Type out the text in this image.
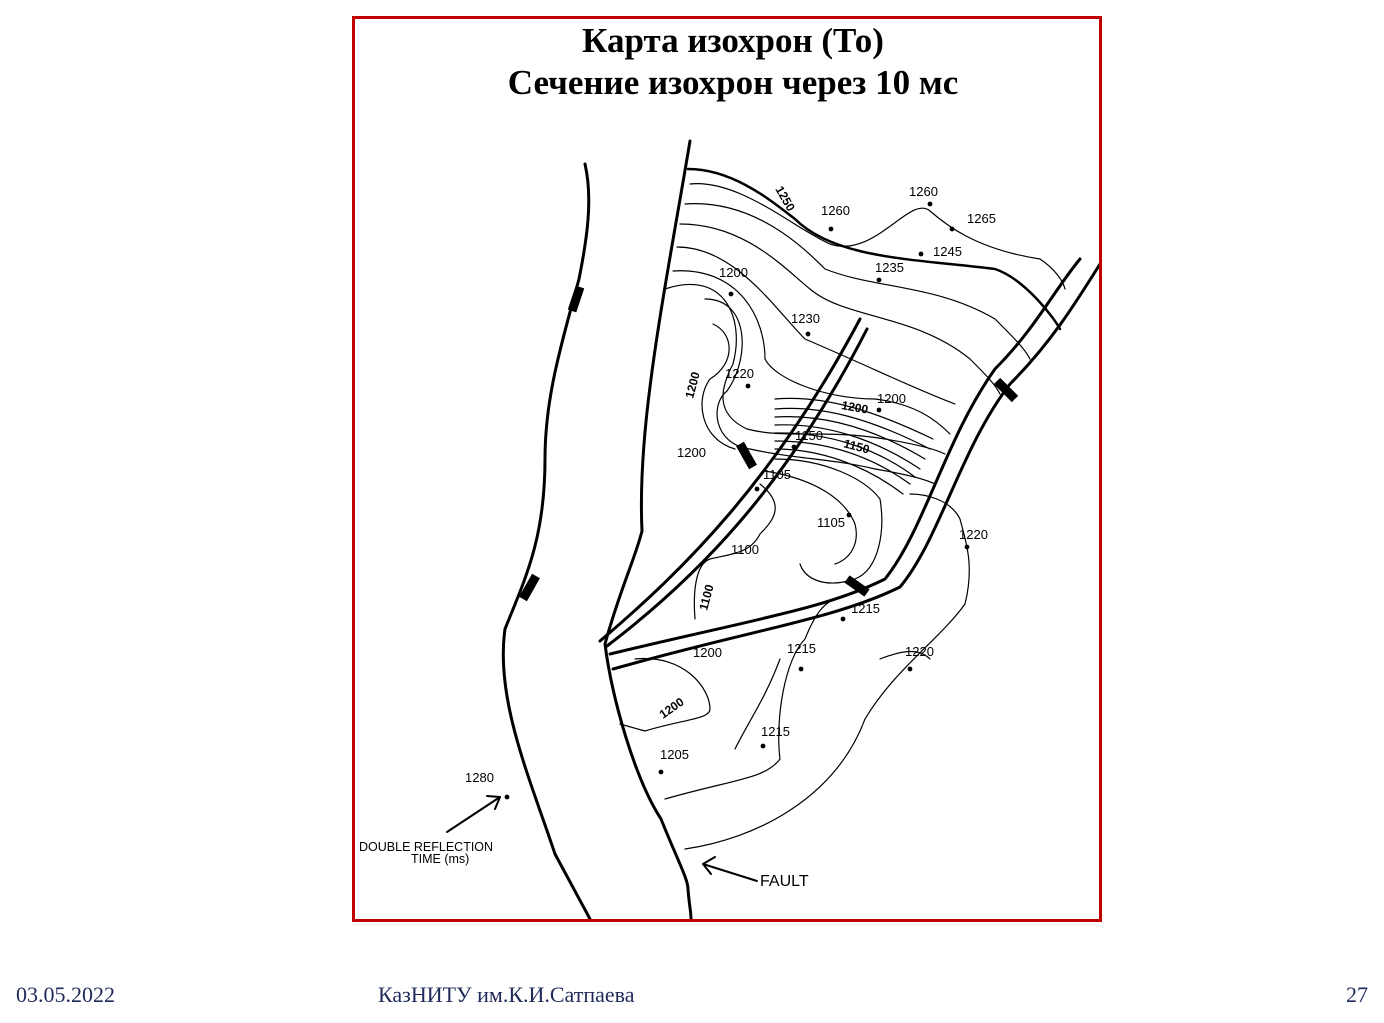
Карта изохрон (То)
Сечение изохрон через 10 мс
1250 1260
1260
1265
1245
1235
1200
1230
1220
1200	1200
1200
1200
1150
1150
1105
1105
1100
1100
1220
1215
1215	1220
1200
1200
1215
1205
1280
DOUBLE REFLECTION
TIME (ms)
FAULT
03.05.2022	КазНИТУ им.К.И.Сатпаева	27
